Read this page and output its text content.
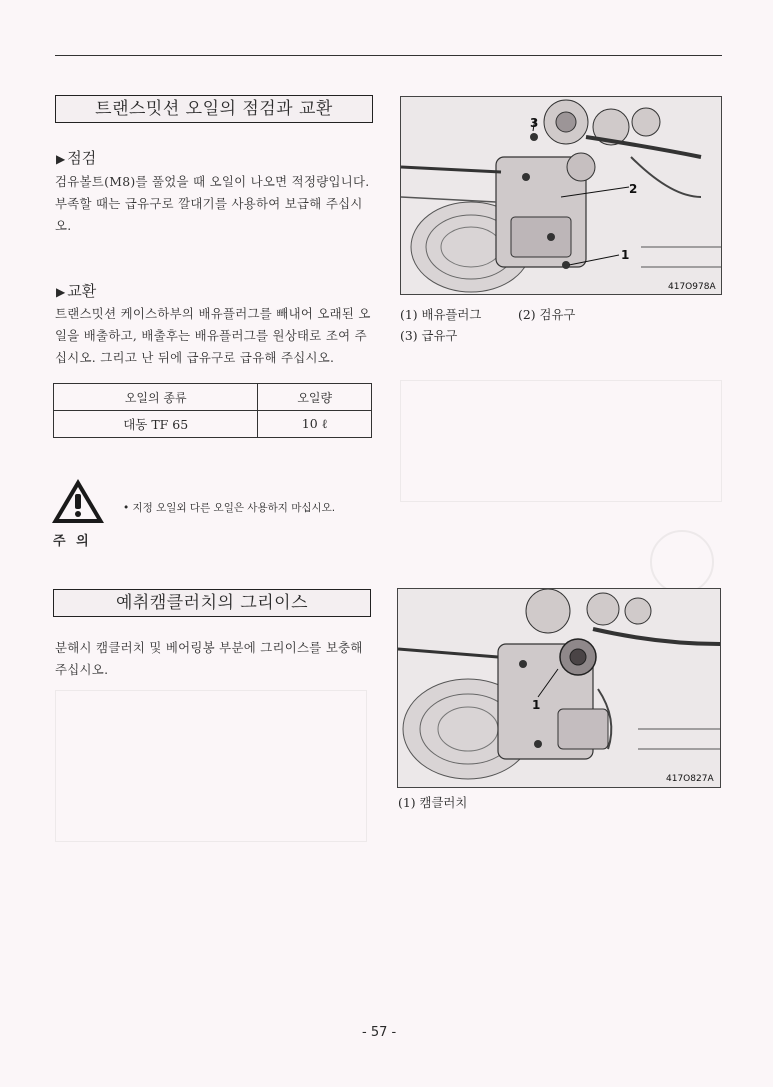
트랜스밋션 오일의 점검과 교환
▶ 점검
검유볼트(M8)를 풀었을 때 오일이 나오면 적정량입니다.
부족할 때는 급유구로 깔대기를 사용하여 보급해 주십시
오.
▶ 교환
트랜스밋션 케이스하부의 배유플러그를 빼내어 오래된 오
일을 배출하고, 배출후는 배유플러그를 원상태로 조여 주
십시오. 그리고 난 뒤에 급유구로 급유해 주십시오.
오일의 종류	오일량
대동 TF 65	10 ℓ
3
2
1
417O978A
(1) 배유플러그	(2) 검유구
(3) 급유구
주 의
• 지정 오일외 다른 오일은 사용하지 마십시오.
예취캠클러치의 그리이스
분해시 캠클러치 및 베어링봉 부분에 그리이스를 보충해
주십시오.
1
417O827A
(1) 캠클러치
- 57 -
